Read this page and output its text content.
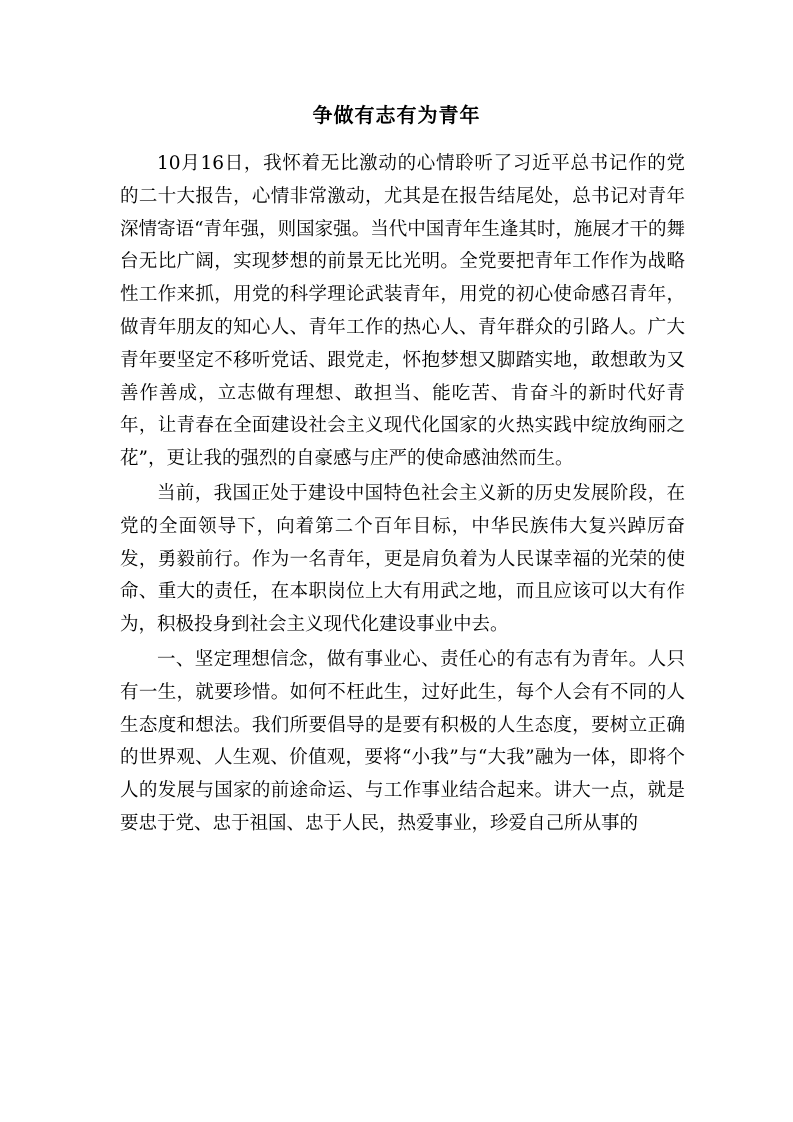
争做有志有为青年

10月16日，我怀着无比激动的心情聆听了习近平总书记作的党的二十大报告，心情非常激动，尤其是在报告结尾处，总书记对青年深情寄语“青年强，则国家强。当代中国青年生逢其时，施展才干的舞台无比广阔，实现梦想的前景无比光明。全党要把青年工作作为战略性工作来抓，用党的科学理论武装青年，用党的初心使命感召青年，做青年朋友的知心人、青年工作的热心人、青年群众的引路人。广大青年要坚定不移听党话、跟党走，怀抱梦想又脚踏实地，敢想敢为又善作善成，立志做有理想、敢担当、能吃苦、肯奋斗的新时代好青年，让青春在全面建设社会主义现代化国家的火热实践中绽放绚丽之花”，更让我的强烈的自豪感与庄严的使命感油然而生。

当前，我国正处于建设中国特色社会主义新的历史发展阶段，在党的全面领导下，向着第二个百年目标，中华民族伟大复兴踔厉奋发，勇毅前行。作为一名青年，更是肩负着为人民谋幸福的光荣的使命、重大的责任，在本职岗位上大有用武之地，而且应该可以大有作为，积极投身到社会主义现代化建设事业中去。

一、坚定理想信念，做有事业心、责任心的有志有为青年。人只有一生，就要珍惜。如何不枉此生，过好此生，每个人会有不同的人生态度和想法。我们所要倡导的是要有积极的人生态度，要树立正确的世界观、人生观、价值观，要将“小我”与“大我”融为一体，即将个人的发展与国家的前途命运、与工作事业结合起来。讲大一点，就是要忠于党、忠于祖国、忠于人民，热爱事业，珍爱自己所从事的
